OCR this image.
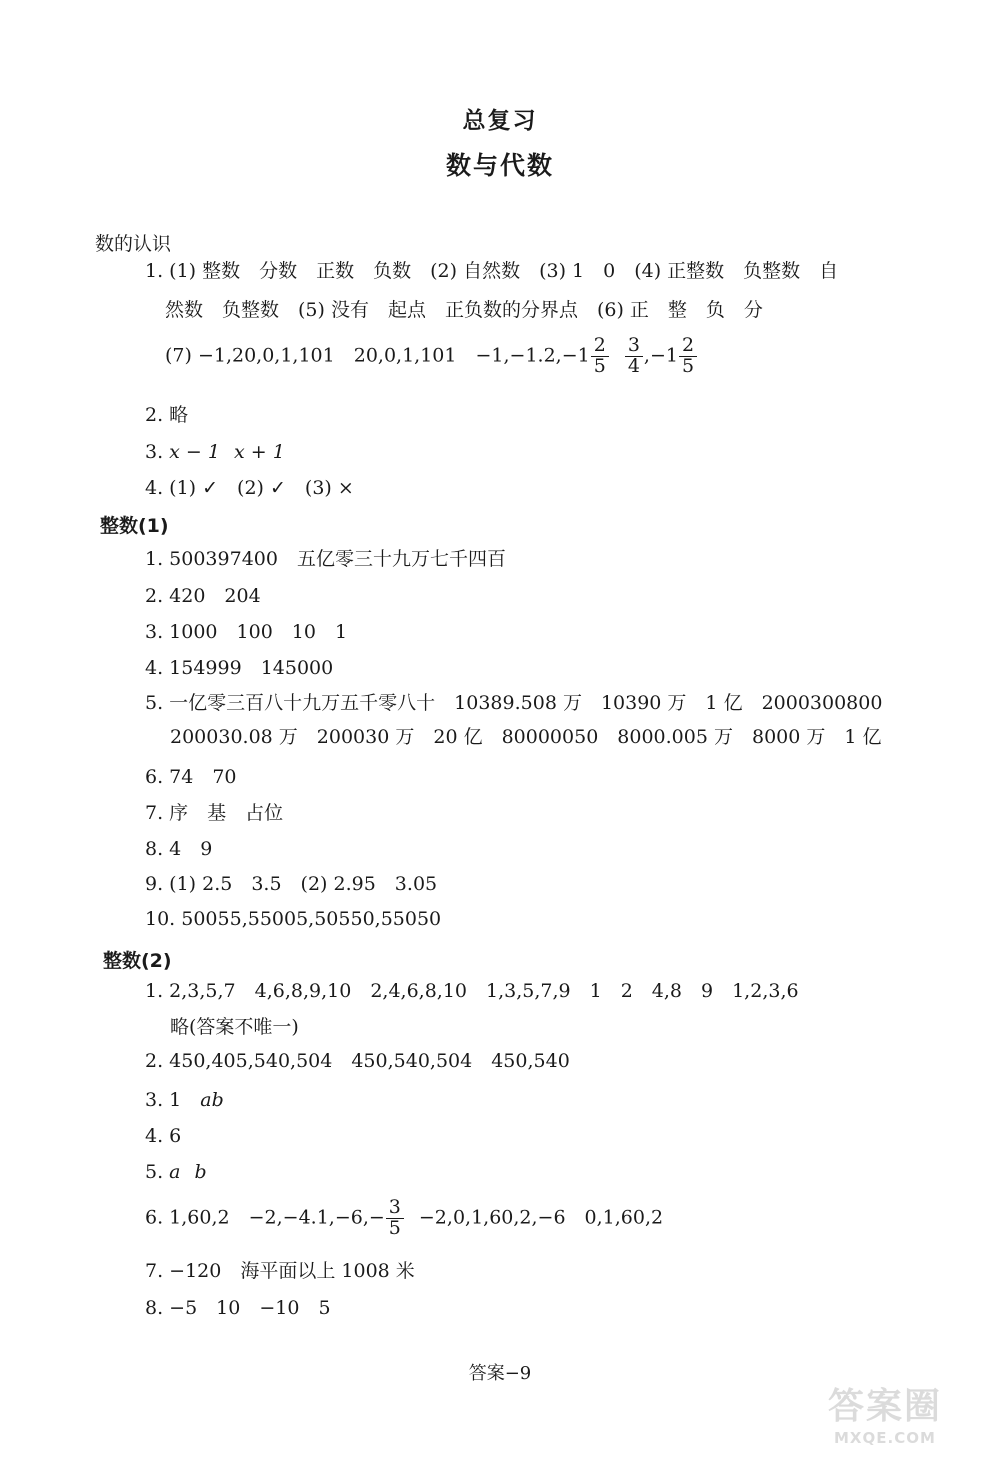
总复习
数与代数
数的认识
1. (1) 整数　分数　正数　负数　(2) 自然数　(3) 1　0　(4) 正整数　负整数　自
然数　负整数　(5) 没有　起点　正负数的分界点　(6) 正　整　负　分
(7) −1,20,0,1,101　20,0,1,101　$-1,-1.2,-1 \frac{2}{5} \frac{3}{4} ,-1 \frac{2}{5}$
2. 略
3. x − 1 x + 1
4. (1) ✓　(2) ✓　(3) ×
整数(1)
1. 500397400　五亿零三十九万七千四百
2. 420　204
3. 1000　100　10　1
4. 154999　145000
5. 一亿零三百八十九万五千零八十　10389.508 万　10390 万　1 亿　2000300800
200030.08 万　200030 万　20 亿　80000050　8000.005 万　8000 万　1 亿
6. 74　70
7. 序　基　占位
8. 4　9
9. (1) 2.5　3.5　(2) 2.95　3.05
10. 50055,55005,50550,55050
整数(2)
1. 2,3,5,7　4,6,8,9,10　2,4,6,8,10　1,3,5,7,9　1　2　4,8　9　1,2,3,6
略(答案不唯一)
2. 450,405,540,504　450,540,504　450,540
3. 1　ab
4. 6
5. a b
6. 1,60,2　$-2,-4.1,-6,- \frac{3}{5} -2,0,1,60,2,-6$　0,1,60,2
7. −120　海平面以上 1008 米
8. −5　10　−10　5
答案−9
答案圈
MXQE.COM
